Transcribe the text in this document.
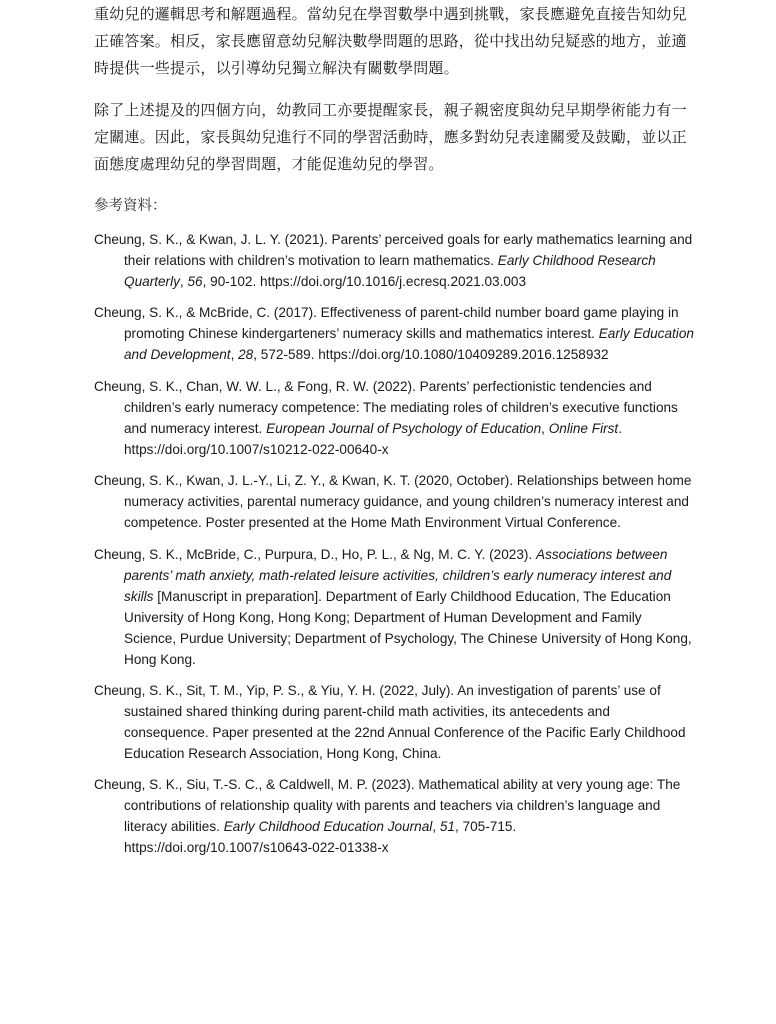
重幼兒的邏輯思考和解題過程。當幼兒在學習數學中遇到挑戰，家長應避免直接告知幼兒正確答案。相反，家長應留意幼兒解決數學問題的思路，從中找出幼兒疑惑的地方，並適時提供一些提示，以引導幼兒獨立解決有關數學問題。

除了上述提及的四個方向，幼教同工亦要提醒家長，親子親密度與幼兒早期學術能力有一定關連。因此，家長與幼兒進行不同的學習活動時，應多對幼兒表達關愛及鼓勵，並以正面態度處理幼兒的學習問題，才能促進幼兒的學習。

參考資料：

Cheung, S. K., & Kwan, J. L. Y. (2021). Parents’ perceived goals for early mathematics learning and their relations with children’s motivation to learn mathematics. Early Childhood Research Quarterly, 56, 90-102. https://doi.org/10.1016/j.ecresq.2021.03.003

Cheung, S. K., & McBride, C. (2017). Effectiveness of parent-child number board game playing in promoting Chinese kindergarteners’ numeracy skills and mathematics interest. Early Education and Development, 28, 572-589. https://doi.org/10.1080/10409289.2016.1258932

Cheung, S. K., Chan, W. W. L., & Fong, R. W. (2022). Parents’ perfectionistic tendencies and children’s early numeracy competence: The mediating roles of children’s executive functions and numeracy interest. European Journal of Psychology of Education, Online First. https://doi.org/10.1007/s10212-022-00640-x

Cheung, S. K., Kwan, J. L.-Y., Li, Z. Y., & Kwan, K. T. (2020, October). Relationships between home numeracy activities, parental numeracy guidance, and young children’s numeracy interest and competence. Poster presented at the Home Math Environment Virtual Conference.

Cheung, S. K., McBride, C., Purpura, D., Ho, P. L., & Ng, M. C. Y. (2023). Associations between parents’ math anxiety, math-related leisure activities, children’s early numeracy interest and skills [Manuscript in preparation]. Department of Early Childhood Education, The Education University of Hong Kong, Hong Kong; Department of Human Development and Family Science, Purdue University; Department of Psychology, The Chinese University of Hong Kong, Hong Kong.

Cheung, S. K., Sit, T. M., Yip, P. S., & Yiu, Y. H. (2022, July). An investigation of parents’ use of sustained shared thinking during parent-child math activities, its antecedents and consequence. Paper presented at the 22nd Annual Conference of the Pacific Early Childhood Education Research Association, Hong Kong, China.

Cheung, S. K., Siu, T.-S. C., & Caldwell, M. P. (2023). Mathematical ability at very young age: The contributions of relationship quality with parents and teachers via children’s language and literacy abilities. Early Childhood Education Journal, 51, 705-715. https://doi.org/10.1007/s10643-022-01338-x
